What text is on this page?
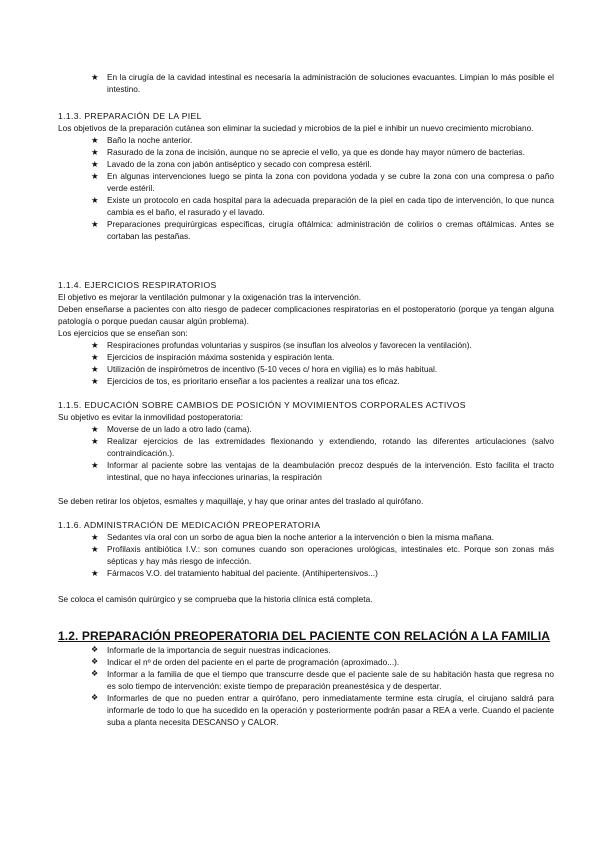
★ En la cirugía de la cavidad intestinal es necesaria la administración de soluciones evacuantes. Limpian lo más posible el intestino.
1.1.3. PREPARACIÓN DE LA PIEL

Los objetivos de la preparación cutánea son eliminar la suciedad y microbios de la piel e inhibir un nuevo crecimiento microbiano.

★ Baño la noche anterior.
★ Rasurado de la zona de incisión, aunque no se aprecie el vello, ya que es donde hay mayor número de bacterias.
★ Lavado de la zona con jabón antiséptico y secado con compresa estéril.
★ En algunas intervenciones luego se pinta la zona con povidona yodada y se cubre la zona con una compresa o paño verde estéril.
★ Existe un protocolo en cada hospital para la adecuada preparación de la piel en cada tipo de intervención, lo que nunca cambia es el baño, el rasurado y el lavado.
★ Preparaciones prequirúrgicas específicas, cirugía oftálmica: administración de colirios o cremas oftálmicas. Antes se cortaban las pestañas.
1.1.4. EJERCICIOS RESPIRATORIOS

El objetivo es mejorar la ventilación pulmonar y la oxigenación tras la intervención.

Deben enseñarse a pacientes con alto riesgo de padecer complicaciones respiratorias en el postoperatorio (porque ya tengan alguna patología o porque puedan causar algún problema).

Los ejercicios que se enseñan son:

★ Respiraciones profundas voluntarias y suspiros (se insuflan los alveolos y favorecen la ventilación).
★ Ejercicios de inspiración máxima sostenida y espiración lenta.
★ Utilización de inspirómetros de incentivo (5-10 veces c/ hora en vigilia) es lo más habitual.
★ Ejercicios de tos, es prioritario enseñar a los pacientes a realizar una tos eficaz.
1.1.5. EDUCACIÓN SOBRE CAMBIOS DE POSICIÓN Y MOVIMIENTOS CORPORALES ACTIVOS

Su objetivo es evitar la inmovilidad postoperatoria:

★ Moverse de un lado a otro lado (cama).
★ Realizar ejercicios de las extremidades flexionando y extendiendo, rotando las diferentes articulaciones (salvo contraindicación.).
★ Informar al paciente sobre las ventajas de la deambulación precoz después de la intervención. Esto facilita el tracto intestinal, que no haya infecciones urinarias, la respiración

Se deben retirar los objetos, esmaltes y maquillaje, y hay que orinar antes del traslado al quirófano.

1.1.6. ADMINISTRACIÓN DE MEDICACIÓN PREOPERATORIA
★ Sedantes vía oral con un sorbo de agua bien la noche anterior a la intervención o bien la misma mañana.
★ Profilaxis antibiótica I.V.: son comunes cuando son operaciones urológicas, intestinales etc. Porque son zonas más sépticas y hay más riesgo de infección.
★ Fármacos V.O. del tratamiento habitual del paciente. (Antihipertensivos...)

Se coloca el camisón quirúrgico y se comprueba que la historia clínica está completa.

1.2. PREPARACIÓN PREOPERATORIA DEL PACIENTE CON RELACIÓN A LA FAMILIA
❖ Informarle de la importancia de seguir nuestras indicaciones.
❖ Indicar el nº de orden del paciente en el parte de programación (aproximado...).
❖ Informar a la familia de que el tiempo que transcurre desde que el paciente sale de su habitación hasta que regresa no es solo tiempo de intervención: existe tiempo de preparación preanestésica y de despertar.
❖ Informarles de que no pueden entrar a quirófano, pero inmediatamente termine esta cirugía, el cirujano saldrá para informarle de todo lo que ha sucedido en la operación y posteriormente podrán pasar a REA a verle. Cuando el paciente suba a planta necesita DESCANSO y CALOR.
